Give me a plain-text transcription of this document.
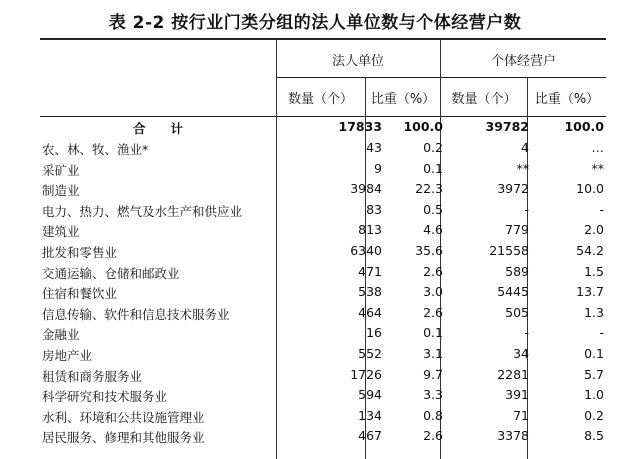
表 2-2 按行业门类分组的法人单位数与个体经营户数
法人单位	个体经营户
数量（个）	比重（%）	数量（个）	比重（%）
合　　计	17833 100.0	39782	100.0
农、林、牧、渔业*	43	0.2	4	…
采矿业	9	0.1	**	**
制造业	3984	22.3	3972	10.0
电力、热力、燃气及水生产和供应业	83	0.5	-	-
建筑业	813	4.6	779	2.0
批发和零售业	6340	35.6	21558	54.2
交通运输、仓储和邮政业	471	2.6	589	1.5
住宿和餐饮业	538	3.0	5445	13.7
信息传输、软件和信息技术服务业	464	2.6	505	1.3
金融业	16	0.1	-	-
房地产业	552	3.1	34	0.1
租赁和商务服务业	1726	9.7	2281	5.7
科学研究和技术服务业	594	3.3	391	1.0
水利、环境和公共设施管理业	134	0.8	71	0.2
居民服务、修理和其他服务业	467	2.6	3378	8.5
